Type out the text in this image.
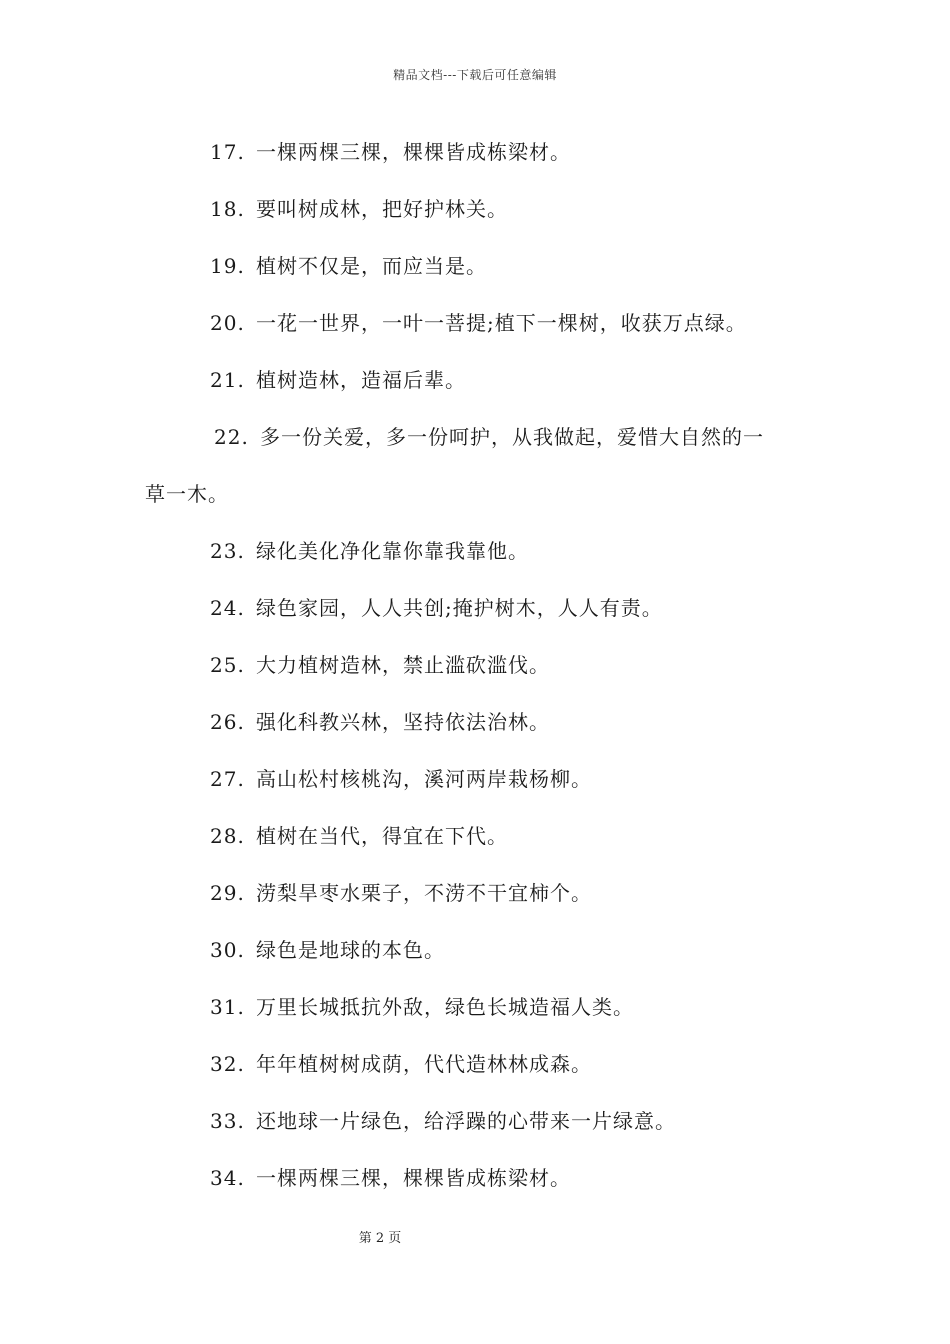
精品文档---下载后可任意编辑
17. 一棵两棵三棵，棵棵皆成栋梁材。
18. 要叫树成林，把好护林关。
19. 植树不仅是，而应当是。
20. 一花一世界，一叶一菩提;植下一棵树，收获万点绿。
21. 植树造林，造福后辈。
22. 多一份关爱，多一份呵护，从我做起，爱惜大自然的一
草一木。
23. 绿化美化净化靠你靠我靠他。
24. 绿色家园，人人共创;掩护树木，人人有责。
25. 大力植树造林，禁止滥砍滥伐。
26. 强化科教兴林，坚持依法治林。
27. 高山松村核桃沟，溪河两岸栽杨柳。
28. 植树在当代，得宜在下代。
29. 涝梨旱枣水栗子，不涝不干宜柿个。
30. 绿色是地球的本色。
31. 万里长城抵抗外敌，绿色长城造福人类。
32. 年年植树树成荫，代代造林林成森。
33. 还地球一片绿色，给浮躁的心带来一片绿意。
34. 一棵两棵三棵，棵棵皆成栋梁材。
第 2 页
